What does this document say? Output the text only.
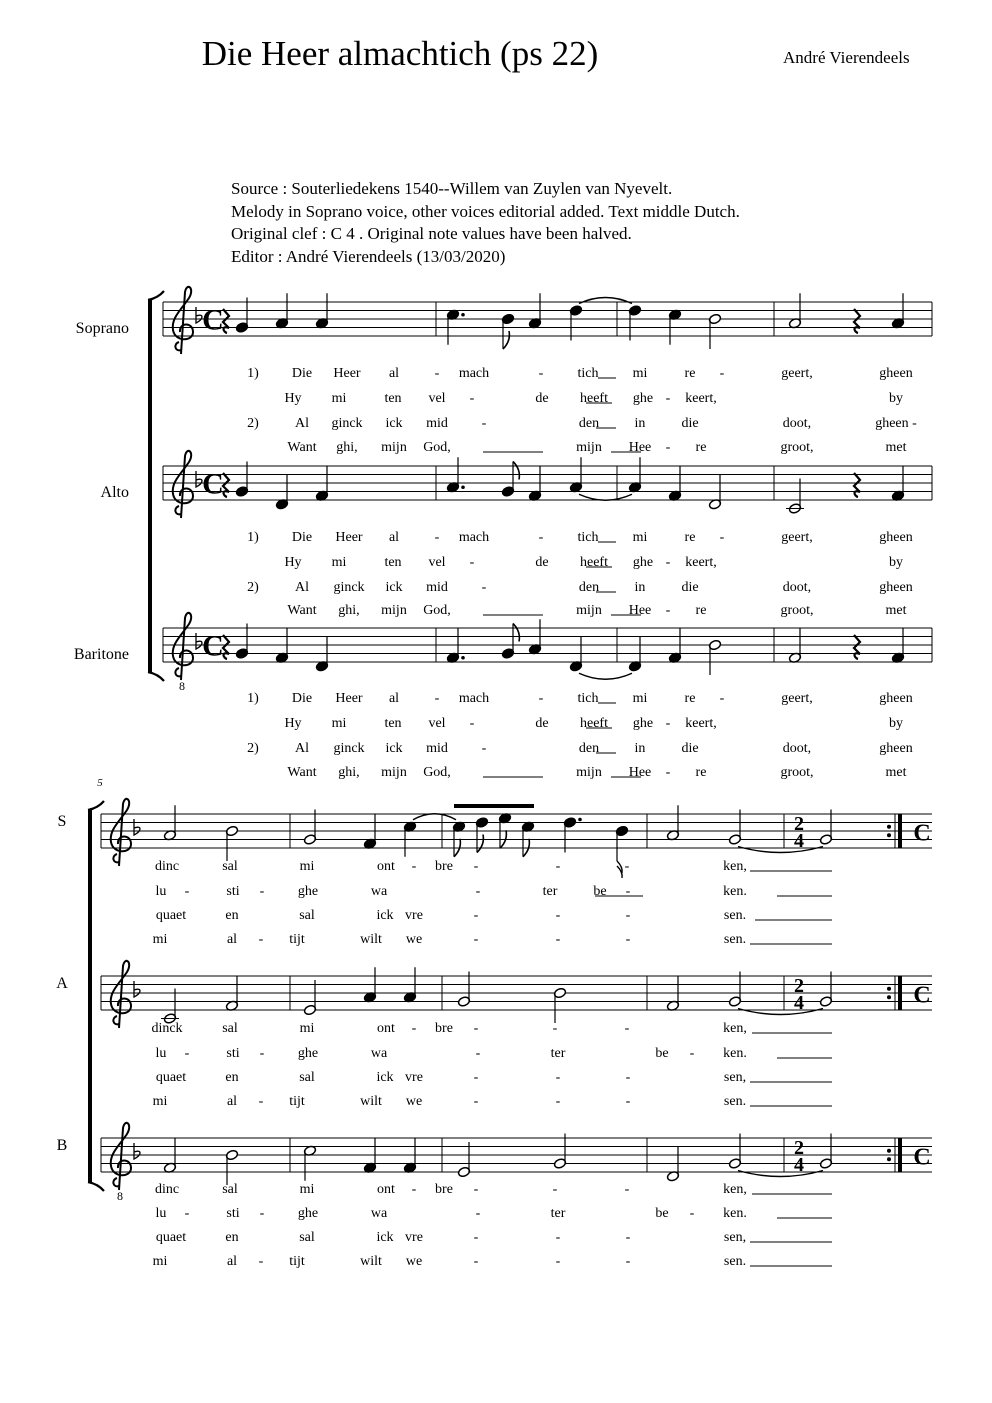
Die Heer almachtich (ps 22)	André Vierendeels
Source : Souterliedekens 1540--Willem van Zuylen van Nyevelt.
Melody in Soprano voice, other voices editorial added. Text middle Dutch.
Original clef : C 4 . Original note values have been halved.
Editor : André Vierendeels (13/03/2020)
C
C
8
C
2
4	C
2
4	C
8
2
4	C
5
Soprano
Alto
Baritone
S
A
B
1) Die Heer al	- mach	- tich mi	re -	geert,	gheen
Hy mi	ten vel -	de heeft ghe - keert,	by
2)	Al ginck ick mid -	den	in	die	doot,	gheen -
Want ghi, mijn God,	mijn Hee - re	groot,	met
1) Die Heer al	- mach	- tich mi	re -	geert,	gheen
Hy mi	ten vel -	de heeft ghe - keert,	by
2)	Al ginck ick mid -	den	in	die	doot,	gheen
Want ghi, mijn God,	mijn Hee - re	groot,	met
1) Die Heer al	- mach	- tich mi	re -	geert,	gheen
Hy mi	ten vel -	de heeft ghe - keert,	by
2)	Al ginck ick mid -	den	in	die	doot,	gheen
Want ghi, mijn God,	mijn Hee - re	groot,	met
dinc	sal	mi	ont - bre -	-	-	ken,
lu -	sti - ghe	wa	-	ter	be -	ken.
quaet	en	sal	ick vre	-	-	-	sen.
mi	al - tijt	wilt we	-	-	-	sen.
dinck	sal	mi	ont - bre -	-	-	ken,
lu -	sti - ghe	wa	-	ter	be - ken.
quaet	en	sal	ick vre	-	-	-	sen,
mi	al - tijt	wilt we	-	-	-	sen.
dinc	sal	mi	ont - bre -	-	-	ken,
lu -	sti - ghe	wa	-	ter	be - ken.
quaet	en	sal	ick vre	-	-	-	sen,
mi	al - tijt	wilt we	-	-	-	sen.
